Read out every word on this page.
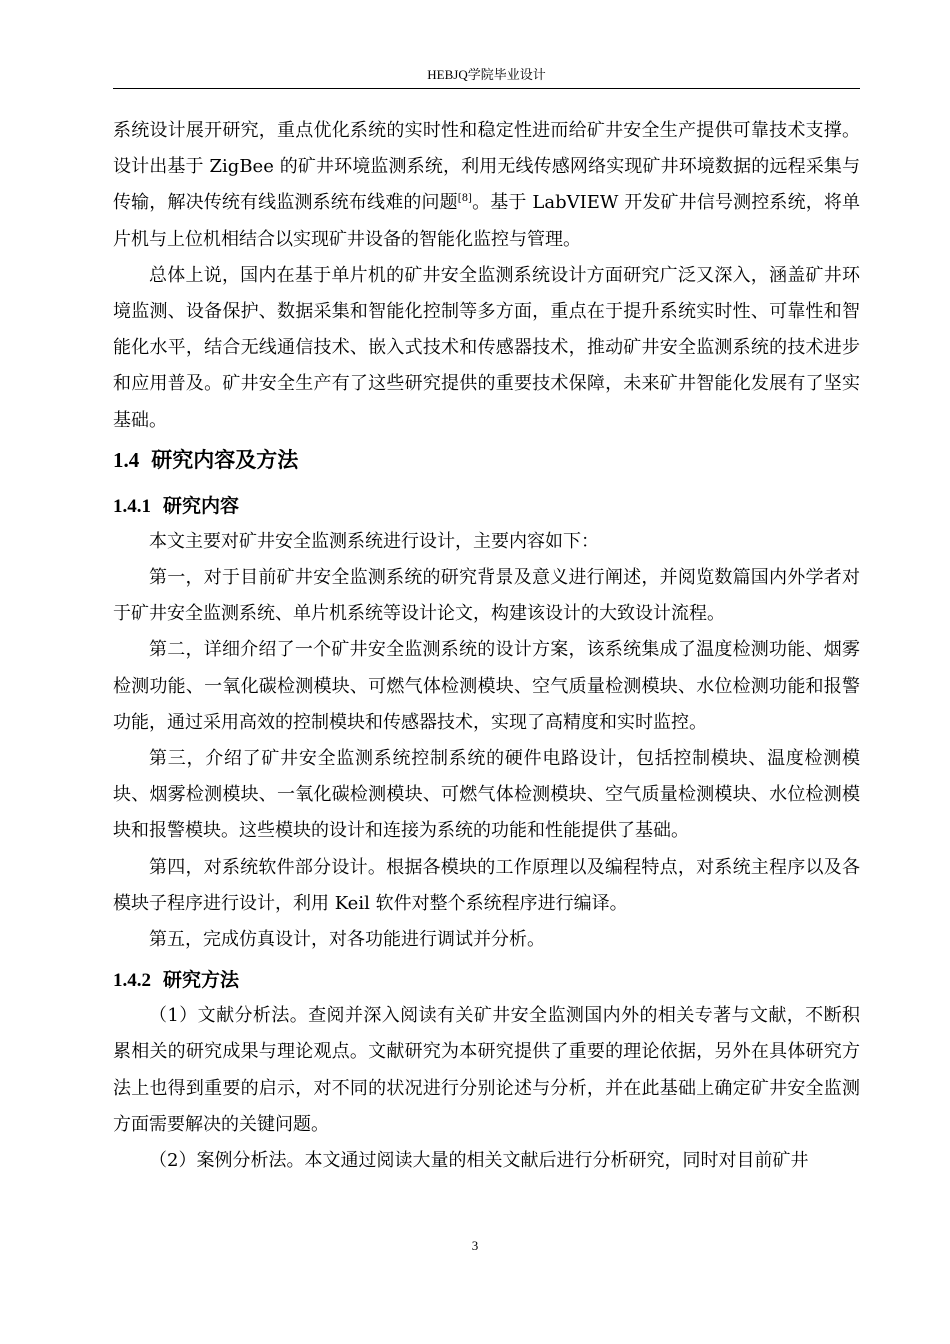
HEBJQ学院毕业设计

系统设计展开研究，重点优化系统的实时性和稳定性进而给矿井安全生产提供可靠技术支撑。设计出基于 ZigBee 的矿井环境监测系统，利用无线传感网络实现矿井环境数据的远程采集与传输，解决传统有线监测系统布线难的问题[8]。基于 LabVIEW 开发矿井信号测控系统，将单片机与上位机相结合以实现矿井设备的智能化监控与管理。

总体上说，国内在基于单片机的矿井安全监测系统设计方面研究广泛又深入，涵盖矿井环境监测、设备保护、数据采集和智能化控制等多方面，重点在于提升系统实时性、可靠性和智能化水平，结合无线通信技术、嵌入式技术和传感器技术，推动矿井安全监测系统的技术进步和应用普及。矿井安全生产有了这些研究提供的重要技术保障，未来矿井智能化发展有了坚实基础。

1.4 研究内容及方法
1.4.1 研究内容

本文主要对矿井安全监测系统进行设计，主要内容如下：

第一，对于目前矿井安全监测系统的研究背景及意义进行阐述，并阅览数篇国内外学者对于矿井安全监测系统、单片机系统等设计论文，构建该设计的大致设计流程。

第二，详细介绍了一个矿井安全监测系统的设计方案，该系统集成了温度检测功能、烟雾检测功能、一氧化碳检测模块、可燃气体检测模块、空气质量检测模块、水位检测功能和报警功能，通过采用高效的控制模块和传感器技术，实现了高精度和实时监控。

第三，介绍了矿井安全监测系统控制系统的硬件电路设计，包括控制模块、温度检测模块、烟雾检测模块、一氧化碳检测模块、可燃气体检测模块、空气质量检测模块、水位检测模块和报警模块。这些模块的设计和连接为系统的功能和性能提供了基础。

第四，对系统软件部分设计。根据各模块的工作原理以及编程特点，对系统主程序以及各模块子程序进行设计，利用 Keil 软件对整个系统程序进行编译。

第五，完成仿真设计，对各功能进行调试并分析。

1.4.2 研究方法

（1）文献分析法。查阅并深入阅读有关矿井安全监测国内外的相关专著与文献，不断积累相关的研究成果与理论观点。文献研究为本研究提供了重要的理论依据，另外在具体研究方法上也得到重要的启示，对不同的状况进行分别论述与分析，并在此基础上确定矿井安全监测方面需要解决的关键问题。

（2）案例分析法。本文通过阅读大量的相关文献后进行分析研究，同时对目前矿井

3
